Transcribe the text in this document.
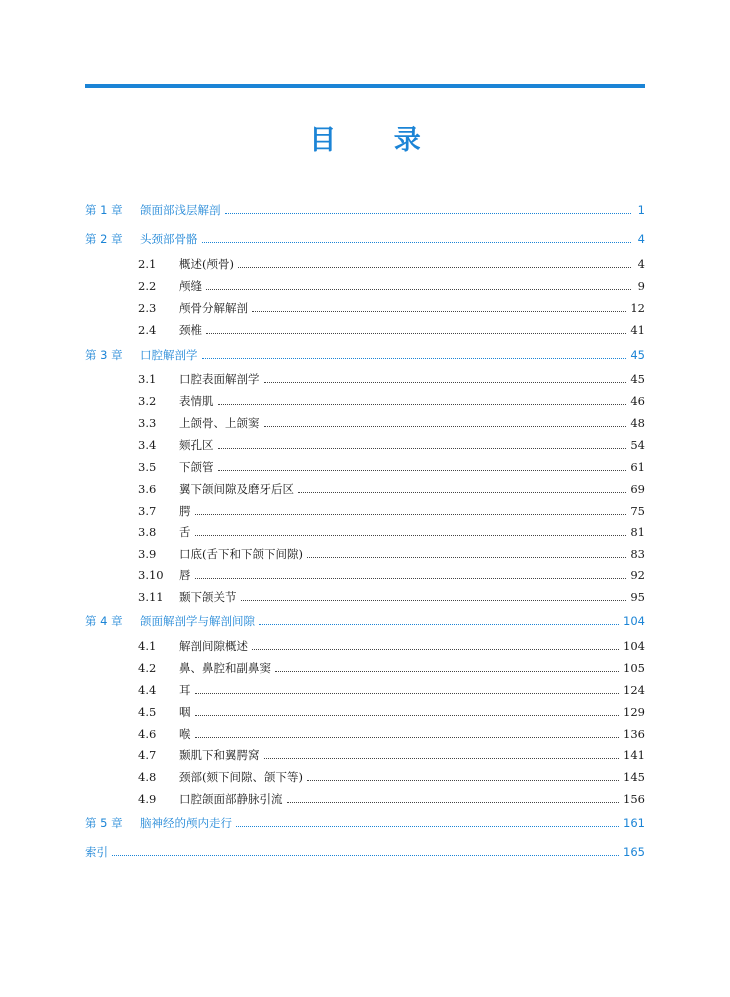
目 录
第 1 章	颌面部浅层解剖	1
第 2 章	头颈部骨骼	4
2.1	概述(颅骨)	4
2.2	颅缝	9
2.3	颅骨分解解剖	12
2.4	颈椎	41
第 3 章	口腔解剖学	45
3.1	口腔表面解剖学	45
3.2	表情肌	46
3.3	上颌骨、上颌窦	48
3.4	颏孔区	54
3.5	下颌管	61
3.6	翼下颌间隙及磨牙后区	69
3.7	腭	75
3.8	舌	81
3.9	口底(舌下和下颌下间隙)	83
3.10	唇	92
3.11	颞下颌关节	95
第 4 章	颌面解剖学与解剖间隙	104
4.1	解剖间隙概述	104
4.2	鼻、鼻腔和副鼻窦	105
4.4	耳	124
4.5	咽	129
4.6	喉	136
4.7	颞肌下和翼腭窝	141
4.8	颈部(颏下间隙、颌下等)	145
4.9	口腔颌面部静脉引流	156
第 5 章	脑神经的颅内走行	161
索引	165
